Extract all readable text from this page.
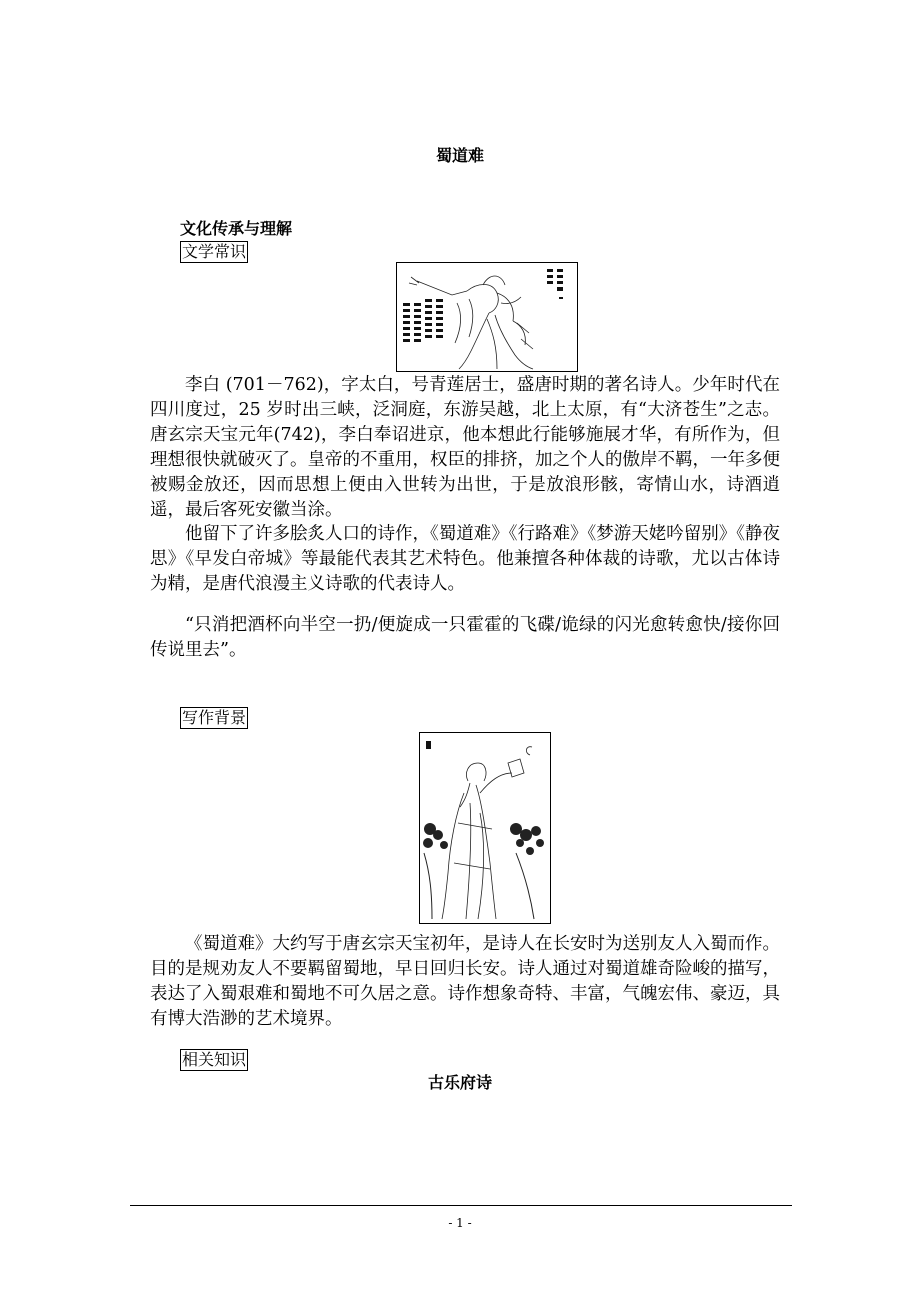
蜀道难
文化传承与理解
文学常识

李白 (701－762)，字太白，号青莲居士，盛唐时期的著名诗人。少年时代在四川度过，25 岁时出三峡，泛洞庭，东游吴越，北上太原，有“大济苍生”之志。唐玄宗天宝元年(742)，李白奉诏进京，他本想此行能够施展才华，有所作为，但理想很快就破灭了。皇帝的不重用，权臣的排挤，加之个人的傲岸不羁，一年多便被赐金放还，因而思想上便由入世转为出世，于是放浪形骸，寄情山水，诗酒逍遥，最后客死安徽当涂。

他留下了许多脍炙人口的诗作，《蜀道难》《行路难》《梦游天姥吟留别》《静夜思》《早发白帝城》等最能代表其艺术特色。他兼擅各种体裁的诗歌，尤以古体诗为精，是唐代浪漫主义诗歌的代表诗人。

“只消把酒杯向半空一扔/便旋成一只霍霍的飞碟/诡绿的闪光愈转愈快/接你回传说里去”。

写作背景

《蜀道难》大约写于唐玄宗天宝初年，是诗人在长安时为送别友人入蜀而作。目的是规劝友人不要羁留蜀地，早日回归长安。诗人通过对蜀道雄奇险峻的描写，表达了入蜀艰难和蜀地不可久居之意。诗作想象奇特、丰富，气魄宏伟、豪迈，具有博大浩渺的艺术境界。

相关知识
古乐府诗
- 1 -
